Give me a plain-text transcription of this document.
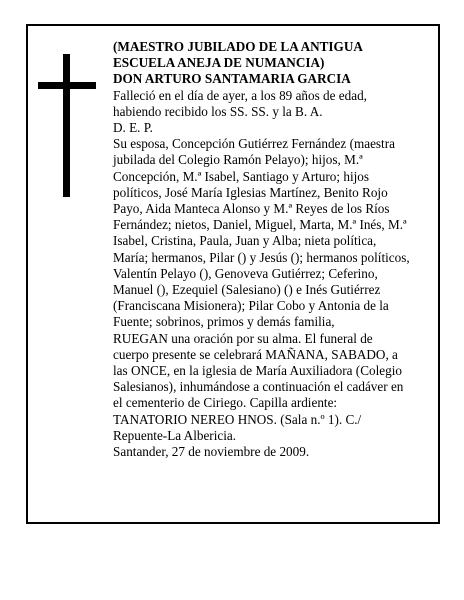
(MAESTRO JUBILADO DE LA ANTIGUA
ESCUELA ANEJA DE NUMANCIA)
DON ARTURO SANTAMARIA GARCIA
Falleció en el día de ayer, a los 89 años de edad,
habiendo recibido los SS. SS. y la B. A.
D. E. P.
Su esposa, Concepción Gutiérrez Fernández (maestra
jubilada del Colegio Ramón Pelayo); hijos, M.ª
Concepción, M.ª Isabel, Santiago y Arturo; hijos
políticos, José María Iglesias Martínez, Benito Rojo
Payo, Aida Manteca Alonso y M.ª Reyes de los Ríos
Fernández; nietos, Daniel, Miguel, Marta, M.ª Inés, M.ª
Isabel, Cristina, Paula, Juan y Alba; nieta política,
María; hermanos, Pilar () y Jesús (); hermanos políticos,
Valentín Pelayo (), Genoveva Gutiérrez; Ceferino,
Manuel (), Ezequiel (Salesiano) () e Inés Gutiérrez
(Franciscana Misionera); Pilar Cobo y Antonia de la
Fuente; sobrinos, primos y demás familia,
RUEGAN una oración por su alma. El funeral de
cuerpo presente se celebrará MAÑANA, SABADO, a
las ONCE, en la iglesia de María Auxiliadora (Colegio
Salesianos), inhumándose a continuación el cadáver en
el cementerio de Ciriego. Capilla ardiente:
TANATORIO NEREO HNOS. (Sala n.º 1). C./
Repuente-La Albericia.
Santander, 27 de noviembre de 2009.
